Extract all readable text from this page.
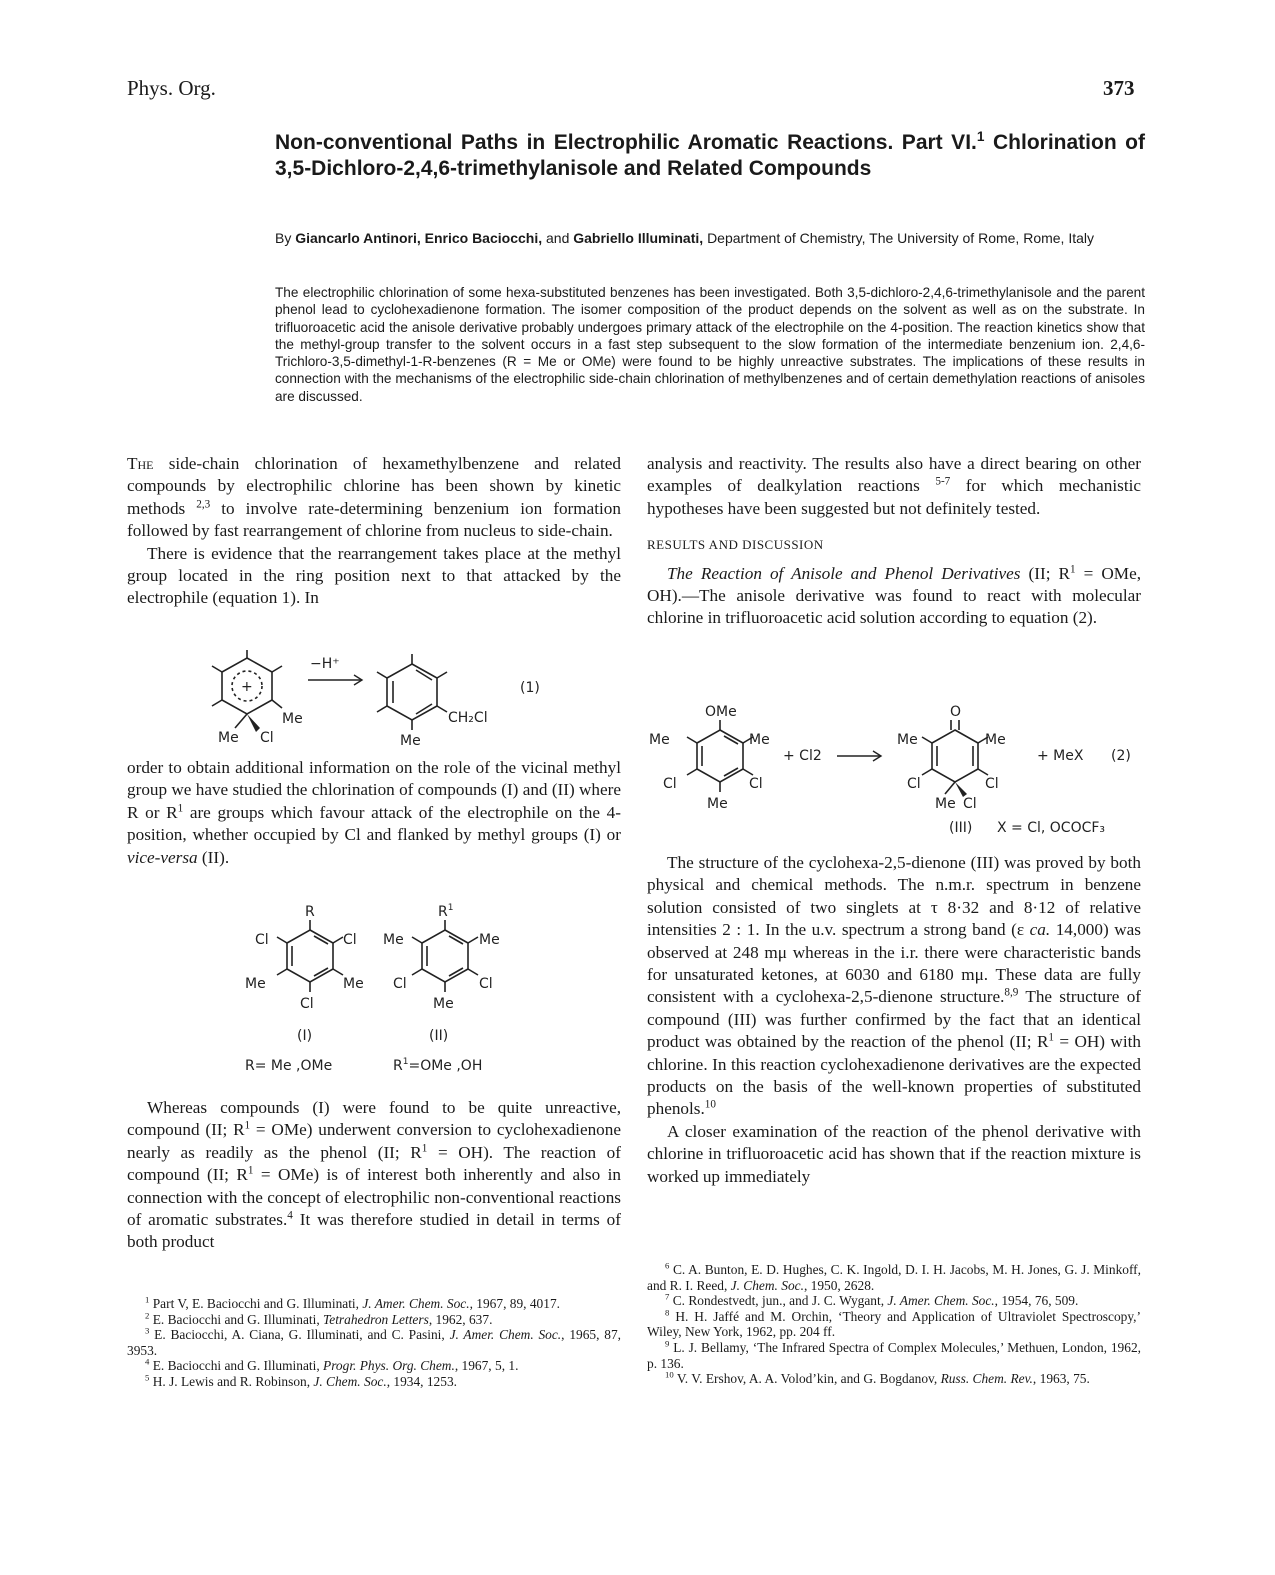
Phys. Org.	373
Non-conventional Paths in Electrophilic Aromatic Reactions. Part VI.$^1$ Chlorination of 3,5-Dichloro-2,4,6-trimethylanisole and Related Compounds
By Giancarlo Antinori, Enrico Baciocchi, and Gabriello Illuminati, Department of Chemistry, The University of Rome, Rome, Italy
The electrophilic chlorination of some hexa-substituted benzenes has been investigated. Both 3,5-dichloro-2,4,6-trimethylanisole and the parent phenol lead to cyclohexadienone formation. The isomer composition of the product depends on the solvent as well as on the substrate. In trifluoroacetic acid the anisole derivative probably undergoes primary attack of the electrophile on the 4-position. The reaction kinetics show that the methyl-group transfer to the solvent occurs in a fast step subsequent to the slow formation of the intermediate benzenium ion. 2,4,6-Trichloro-3,5-dimethyl-1-R-benzenes (R = Me or OMe) were found to be highly unreactive substrates. The implications of these results in connection with the mechanisms of the electrophilic side-chain chlorination of methylbenzenes and of certain demethylation reactions of anisoles are discussed.

The side-chain chlorination of hexamethylbenzene and related compounds by electrophilic chlorine has been shown by kinetic methods $^{2,3}$ to involve rate-determining benzenium ion formation followed by fast rearrangement of chlorine from nucleus to side-chain.

There is evidence that the rearrangement takes place at the methyl group located in the ring position next to that attacked by the electrophile (equation 1). In

+
Me
Me Cl
−H⁺
CH₂Cl
Me
(1)

order to obtain additional information on the role of the vicinal methyl group we have studied the chlorination of compounds (I) and (II) where R or $R^1$ are groups which favour attack of the electrophile on the 4-position, whether occupied by Cl and flanked by methyl groups (I) or vice-versa (II).

R
Cl	Cl
Me	Me
Cl
(I)
R= Me ,OMe
$R^1$
Me	Me
Cl	Cl
Me
(II)
$R^1=OMe$ ,OH

Whereas compounds (I) were found to be quite unreactive, compound (II; $R^1 = OMe$) underwent conversion to cyclohexadienone nearly as readily as the phenol (II; $R^1 = OH$). The reaction of compound (II; $R^1 = OMe$) is of interest both inherently and also in connection with the concept of electrophilic non-conventional reactions of aromatic substrates.$^4$ It was therefore studied in detail in terms of both product

$^1$ Part V, E. Baciocchi and G. Illuminati, J. Amer. Chem. Soc., 1967, 89, 4017.

$^2$ E. Baciocchi and G. Illuminati, Tetrahedron Letters, 1962, 637.

$^3$ E. Baciocchi, A. Ciana, G. Illuminati, and C. Pasini, J. Amer. Chem. Soc., 1965, 87, 3953.

$^4$ E. Baciocchi and G. Illuminati, Progr. Phys. Org. Chem., 1967, 5, 1.

$^5$ H. J. Lewis and R. Robinson, J. Chem. Soc., 1934, 1253.

analysis and reactivity. The results also have a direct bearing on other examples of dealkylation reactions $^{5-7}$ for which mechanistic hypotheses have been suggested but not definitely tested.

RESULTS AND DISCUSSION

The Reaction of Anisole and Phenol Derivatives (II; $R^1$ = OMe, OH).—The anisole derivative was found to react with molecular chlorine in trifluoroacetic acid solution according to equation (2).

OMe
Me	Me
Cl	Cl
Me
+ Cl2
O
Me	Me
Cl	Cl
Me Cl
+ MeX (2)
(III) X = Cl, OCOCF₃

The structure of the cyclohexa-2,5-dienone (III) was proved by both physical and chemical methods. The n.m.r. spectrum in benzene solution consisted of two singlets at τ 8·32 and 8·12 of relative intensities 2 : 1. In the u.v. spectrum a strong band (ε ca. 14,000) was observed at 248 mμ whereas in the i.r. there were characteristic bands for unsaturated ketones, at 6030 and 6180 mμ. These data are fully consistent with a cyclohexa-2,5-dienone structure.$^{8,9}$ The structure of compound (III) was further confirmed by the fact that an identical product was obtained by the reaction of the phenol (II; $R^1 = OH$) with chlorine. In this reaction cyclohexadienone derivatives are the expected products on the basis of the well-known properties of substituted phenols.$^{10}$

A closer examination of the reaction of the phenol derivative with chlorine in trifluoroacetic acid has shown that if the reaction mixture is worked up immediately

$^6$ C. A. Bunton, E. D. Hughes, C. K. Ingold, D. I. H. Jacobs, M. H. Jones, G. J. Minkoff, and R. I. Reed, J. Chem. Soc., 1950, 2628.

$^7$ C. Rondestvedt, jun., and J. C. Wygant, J. Amer. Chem. Soc., 1954, 76, 509.

$^8$ H. H. Jaffé and M. Orchin, ‘Theory and Application of Ultraviolet Spectroscopy,’ Wiley, New York, 1962, pp. 204 ff.

$^9$ L. J. Bellamy, ‘The Infrared Spectra of Complex Molecules,’ Methuen, London, 1962, p. 136.

$^{10}$ V. V. Ershov, A. A. Volod’kin, and G. Bogdanov, Russ. Chem. Rev., 1963, 75.
